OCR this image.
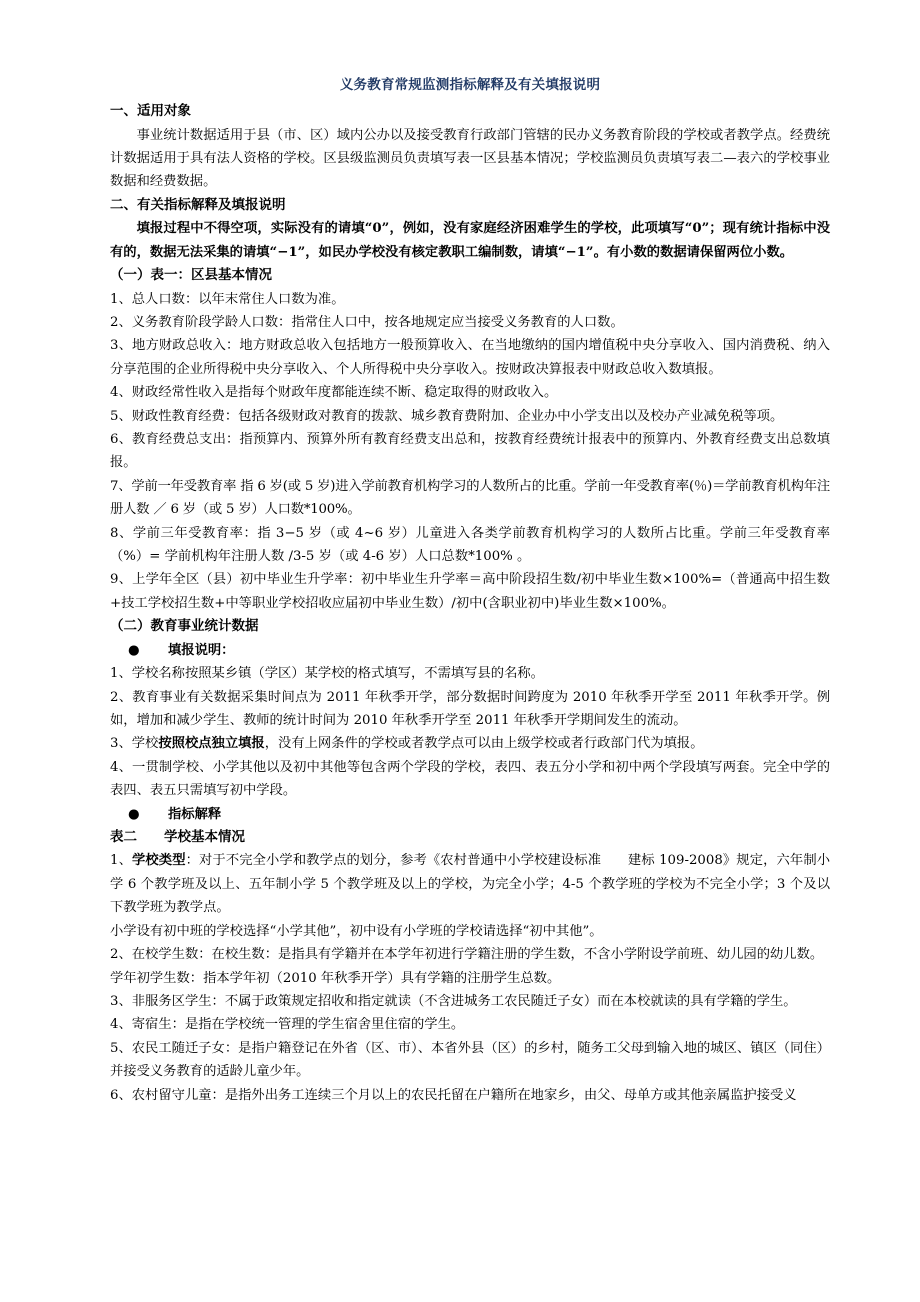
义务教育常规监测指标解释及有关填报说明
一、适用对象
事业统计数据适用于县（市、区）域内公办以及接受教育行政部门管辖的民办义务教育阶段的学校或者教学点。经费统计数据适用于具有法人资格的学校。区县级监测员负责填写表一区县基本情况；学校监测员负责填写表二—表六的学校事业数据和经费数据。
二、有关指标解释及填报说明
填报过程中不得空项，实际没有的请填“0”，例如，没有家庭经济困难学生的学校，此项填写“0”；现有统计指标中没有的，数据无法采集的请填“−1”，如民办学校没有核定教职工编制数，请填“−1”。有小数的数据请保留两位小数。
（一）表一：区县基本情况
1、总人口数：以年末常住人口数为准。
2、义务教育阶段学龄人口数：指常住人口中，按各地规定应当接受义务教育的人口数。
3、地方财政总收入：地方财政总收入包括地方一般预算收入、在当地缴纳的国内增值税中央分享收入、国内消费税、纳入分享范围的企业所得税中央分享收入、个人所得税中央分享收入。按财政决算报表中财政总收入数填报。
4、财政经常性收入是指每个财政年度都能连续不断、稳定取得的财政收入。
5、财政性教育经费：包括各级财政对教育的拨款、城乡教育费附加、企业办中小学支出以及校办产业减免税等项。
6、教育经费总支出：指预算内、预算外所有教育经费支出总和，按教育经费统计报表中的预算内、外教育经费支出总数填报。
7、学前一年受教育率 指 6 岁(或 5 岁)进入学前教育机构学习的人数所占的比重。学前一年受教育率(％)＝学前教育机构年注册人数 ／ 6 岁（或 5 岁）人口数*100%。
8、学前三年受教育率：指 3−5 岁（或 4~6 岁）儿童进入各类学前教育机构学习的人数所占比重。学前三年受教育率（%）= 学前机构年注册人数 /3-5 岁（或 4-6 岁）人口总数*100% 。
9、上学年全区（县）初中毕业生升学率：初中毕业生升学率＝高中阶段招生数/初中毕业生数×100%=（普通高中招生数+技工学校招生数+中等职业学校招收应届初中毕业生数）/初中(含职业初中)毕业生数×100%。
（二）教育事业统计数据
● 填报说明：
1、学校名称按照某乡镇（学区）某学校的格式填写，不需填写县的名称。
2、教育事业有关数据采集时间点为 2011 年秋季开学，部分数据时间跨度为 2010 年秋季开学至 2011 年秋季开学。例如，增加和减少学生、教师的统计时间为 2010 年秋季开学至 2011 年秋季开学期间发生的流动。
3、学校按照校点独立填报，没有上网条件的学校或者教学点可以由上级学校或者行政部门代为填报。
4、一贯制学校、小学其他以及初中其他等包含两个学段的学校，表四、表五分小学和初中两个学段填写两套。完全中学的表四、表五只需填写初中学段。
● 指标解释
表二　　学校基本情况
1、学校类型：对于不完全小学和教学点的划分，参考《农村普通中小学校建设标准　　建标 109-2008》规定，六年制小学 6 个教学班及以上、五年制小学 5 个教学班及以上的学校，为完全小学；4-5 个教学班的学校为不完全小学；3 个及以下教学班为教学点。
小学设有初中班的学校选择“小学其他”，初中设有小学班的学校请选择“初中其他”。
2、在校学生数：在校生数：是指具有学籍并在本学年初进行学籍注册的学生数，不含小学附设学前班、幼儿园的幼儿数。
学年初学生数：指本学年初（2010 年秋季开学）具有学籍的注册学生总数。
3、非服务区学生：不属于政策规定招收和指定就读（不含进城务工农民随迁子女）而在本校就读的具有学籍的学生。
4、寄宿生：是指在学校统一管理的学生宿舍里住宿的学生。
5、农民工随迁子女：是指户籍登记在外省（区、市）、本省外县（区）的乡村，随务工父母到输入地的城区、镇区（同住）并接受义务教育的适龄儿童少年。
6、农村留守儿童：是指外出务工连续三个月以上的农民托留在户籍所在地家乡，由父、母单方或其他亲属监护接受义
